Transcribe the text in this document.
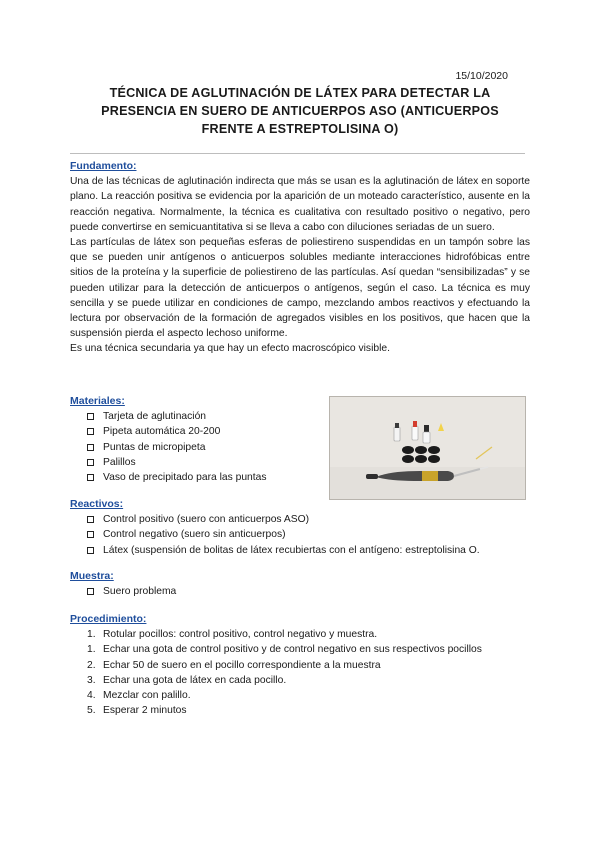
15/10/2020
TÉCNICA DE AGLUTINACIÓN DE LÁTEX PARA DETECTAR LA
PRESENCIA EN SUERO DE ANTICUERPOS ASO (ANTICUERPOS
FRENTE A ESTREPTOLISINA O)
Fundamento:
Una de las técnicas de aglutinación indirecta que más se usan es la aglutinación de látex en soporte plano. La reacción positiva se evidencia por la aparición de un moteado característico, ausente en la reacción negativa. Normalmente, la técnica es cualitativa con resultado positivo o negativo, pero puede convertirse en semicuantitativa si se lleva a cabo con diluciones seriadas de un suero.
Las partículas de látex son pequeñas esferas de poliestireno suspendidas en un tampón sobre las que se pueden unir antígenos o anticuerpos solubles mediante interacciones hidrofóbicas entre sitios de la proteína y la superficie de poliestireno de las partículas. Así quedan “sensibilizadas” y se pueden utilizar para la detección de anticuerpos o antígenos, según el caso. La técnica es muy sencilla y se puede utilizar en condiciones de campo, mezclando ambos reactivos y efectuando la lectura por observación de la formación de agregados visibles en los positivos, que hacen que la suspensión pierda el aspecto lechoso uniforme.
Es una técnica secundaria ya que hay un efecto macroscópico visible.
Materiales:
Tarjeta de aglutinación
Pipeta automática 20-200
Puntas de micropipeta
Palillos
Vaso de precipitado para las puntas
Reactivos:
Control positivo (suero con anticuerpos ASO)
Control negativo (suero sin anticuerpos)
Látex (suspensión de bolitas de látex recubiertas con el antígeno: estreptolisina O.
Muestra:
Suero problema
Procedimiento:
1. Rotular pocillos: control positivo, control negativo y muestra.
1. Echar una gota de control positivo y de control negativo en sus respectivos pocillos
2. Echar 50 de suero en el pocillo correspondiente a la muestra
3. Echar una gota de látex en cada pocillo.
4. Mezclar con palillo.
5. Esperar 2 minutos
